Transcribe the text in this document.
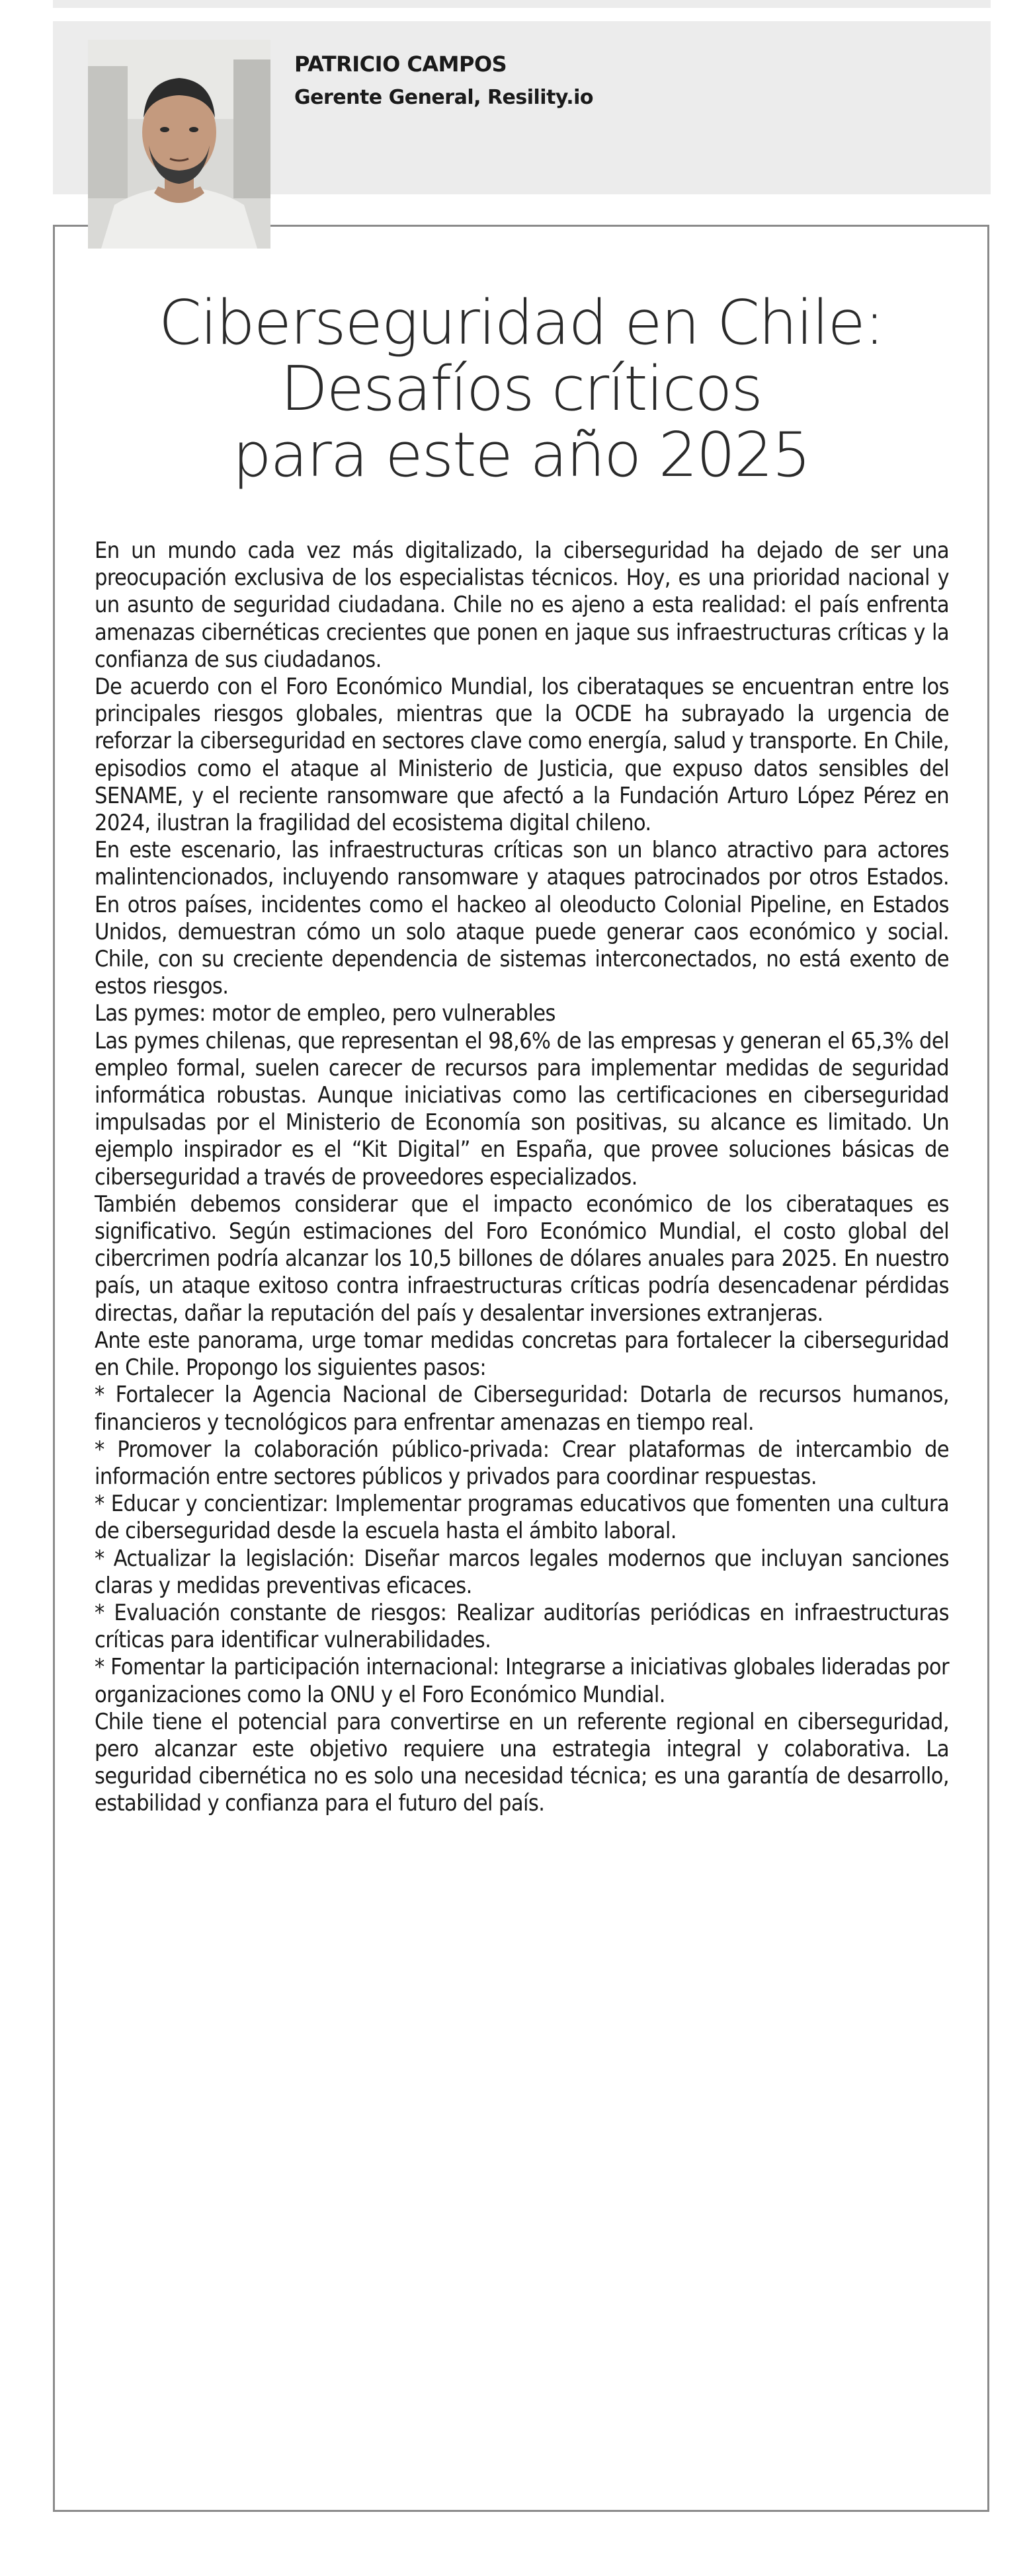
PATRICIO CAMPOS

Gerente General, Resility.io

Ciberseguridad en Chile:
Desafíos críticos
para este año 2025

En un mundo cada vez más digitalizado, la ciberseguridad ha dejado de ser una preocupación exclusiva de los especialistas técnicos. Hoy, es una prioridad nacional y un asunto de seguridad ciudadana. Chile no es ajeno a esta realidad: el país enfrenta amenazas cibernéticas crecientes que ponen en jaque sus infraestructuras críticas y la confianza de sus ciudadanos.

De acuerdo con el Foro Económico Mundial, los ciberataques se encuentran entre los principales riesgos globales, mientras que la OCDE ha subrayado la urgencia de reforzar la ciberseguridad en sectores clave como energía, salud y transporte. En Chile, episodios como el ataque al Ministerio de Justicia, que expuso datos sensibles del SENAME, y el reciente ransomware que afectó a la Fundación Arturo López Pérez en 2024, ilustran la fragilidad del ecosistema digital chileno.

En este escenario, las infraestructuras críticas son un blanco atractivo para actores malintencionados, incluyendo ransomware y ataques patrocinados por otros Estados. En otros países, incidentes como el hackeo al oleoducto Colonial Pipeline, en Estados Unidos, demuestran cómo un solo ataque puede generar caos económico y social. Chile, con su creciente dependencia de sistemas interconectados, no está exento de estos riesgos.

Las pymes: motor de empleo, pero vulnerables

Las pymes chilenas, que representan el 98,6% de las empresas y generan el 65,3% del empleo formal, suelen carecer de recursos para implementar medidas de seguridad informática robustas. Aunque iniciativas como las certificaciones en ciberseguridad impulsadas por el Ministerio de Economía son positivas, su alcance es limitado. Un ejemplo inspirador es el “Kit Digital” en España, que provee soluciones básicas de ciberseguridad a través de proveedores especializados.

También debemos considerar que el impacto económico de los ciberataques es significativo. Según estimaciones del Foro Económico Mundial, el costo global del cibercrimen podría alcanzar los 10,5 billones de dólares anuales para 2025. En nuestro país, un ataque exitoso contra infraestructuras críticas podría desencadenar pérdidas directas, dañar la reputación del país y desalentar inversiones extranjeras.

Ante este panorama, urge tomar medidas concretas para fortalecer la ciberseguridad en Chile. Propongo los siguientes pasos:

* Fortalecer la Agencia Nacional de Ciberseguridad: Dotarla de recursos humanos, financieros y tecnológicos para enfrentar amenazas en tiempo real.

* Promover la colaboración público-privada: Crear plataformas de intercambio de información entre sectores públicos y privados para coordinar respuestas.

* Educar y concientizar: Implementar programas educativos que fomenten una cultura de ciberseguridad desde la escuela hasta el ámbito laboral.

* Actualizar la legislación: Diseñar marcos legales modernos que incluyan sanciones claras y medidas preventivas eficaces.

* Evaluación constante de riesgos: Realizar auditorías periódicas en infraestructuras críticas para identificar vulnerabilidades.

* Fomentar la participación internacional: Integrarse a iniciativas globales lideradas por organizaciones como la ONU y el Foro Económico Mundial.

Chile tiene el potencial para convertirse en un referente regional en ciberseguridad, pero alcanzar este objetivo requiere una estrategia integral y colaborativa. La seguridad cibernética no es solo una necesidad técnica; es una garantía de desarrollo, estabilidad y confianza para el futuro del país.
